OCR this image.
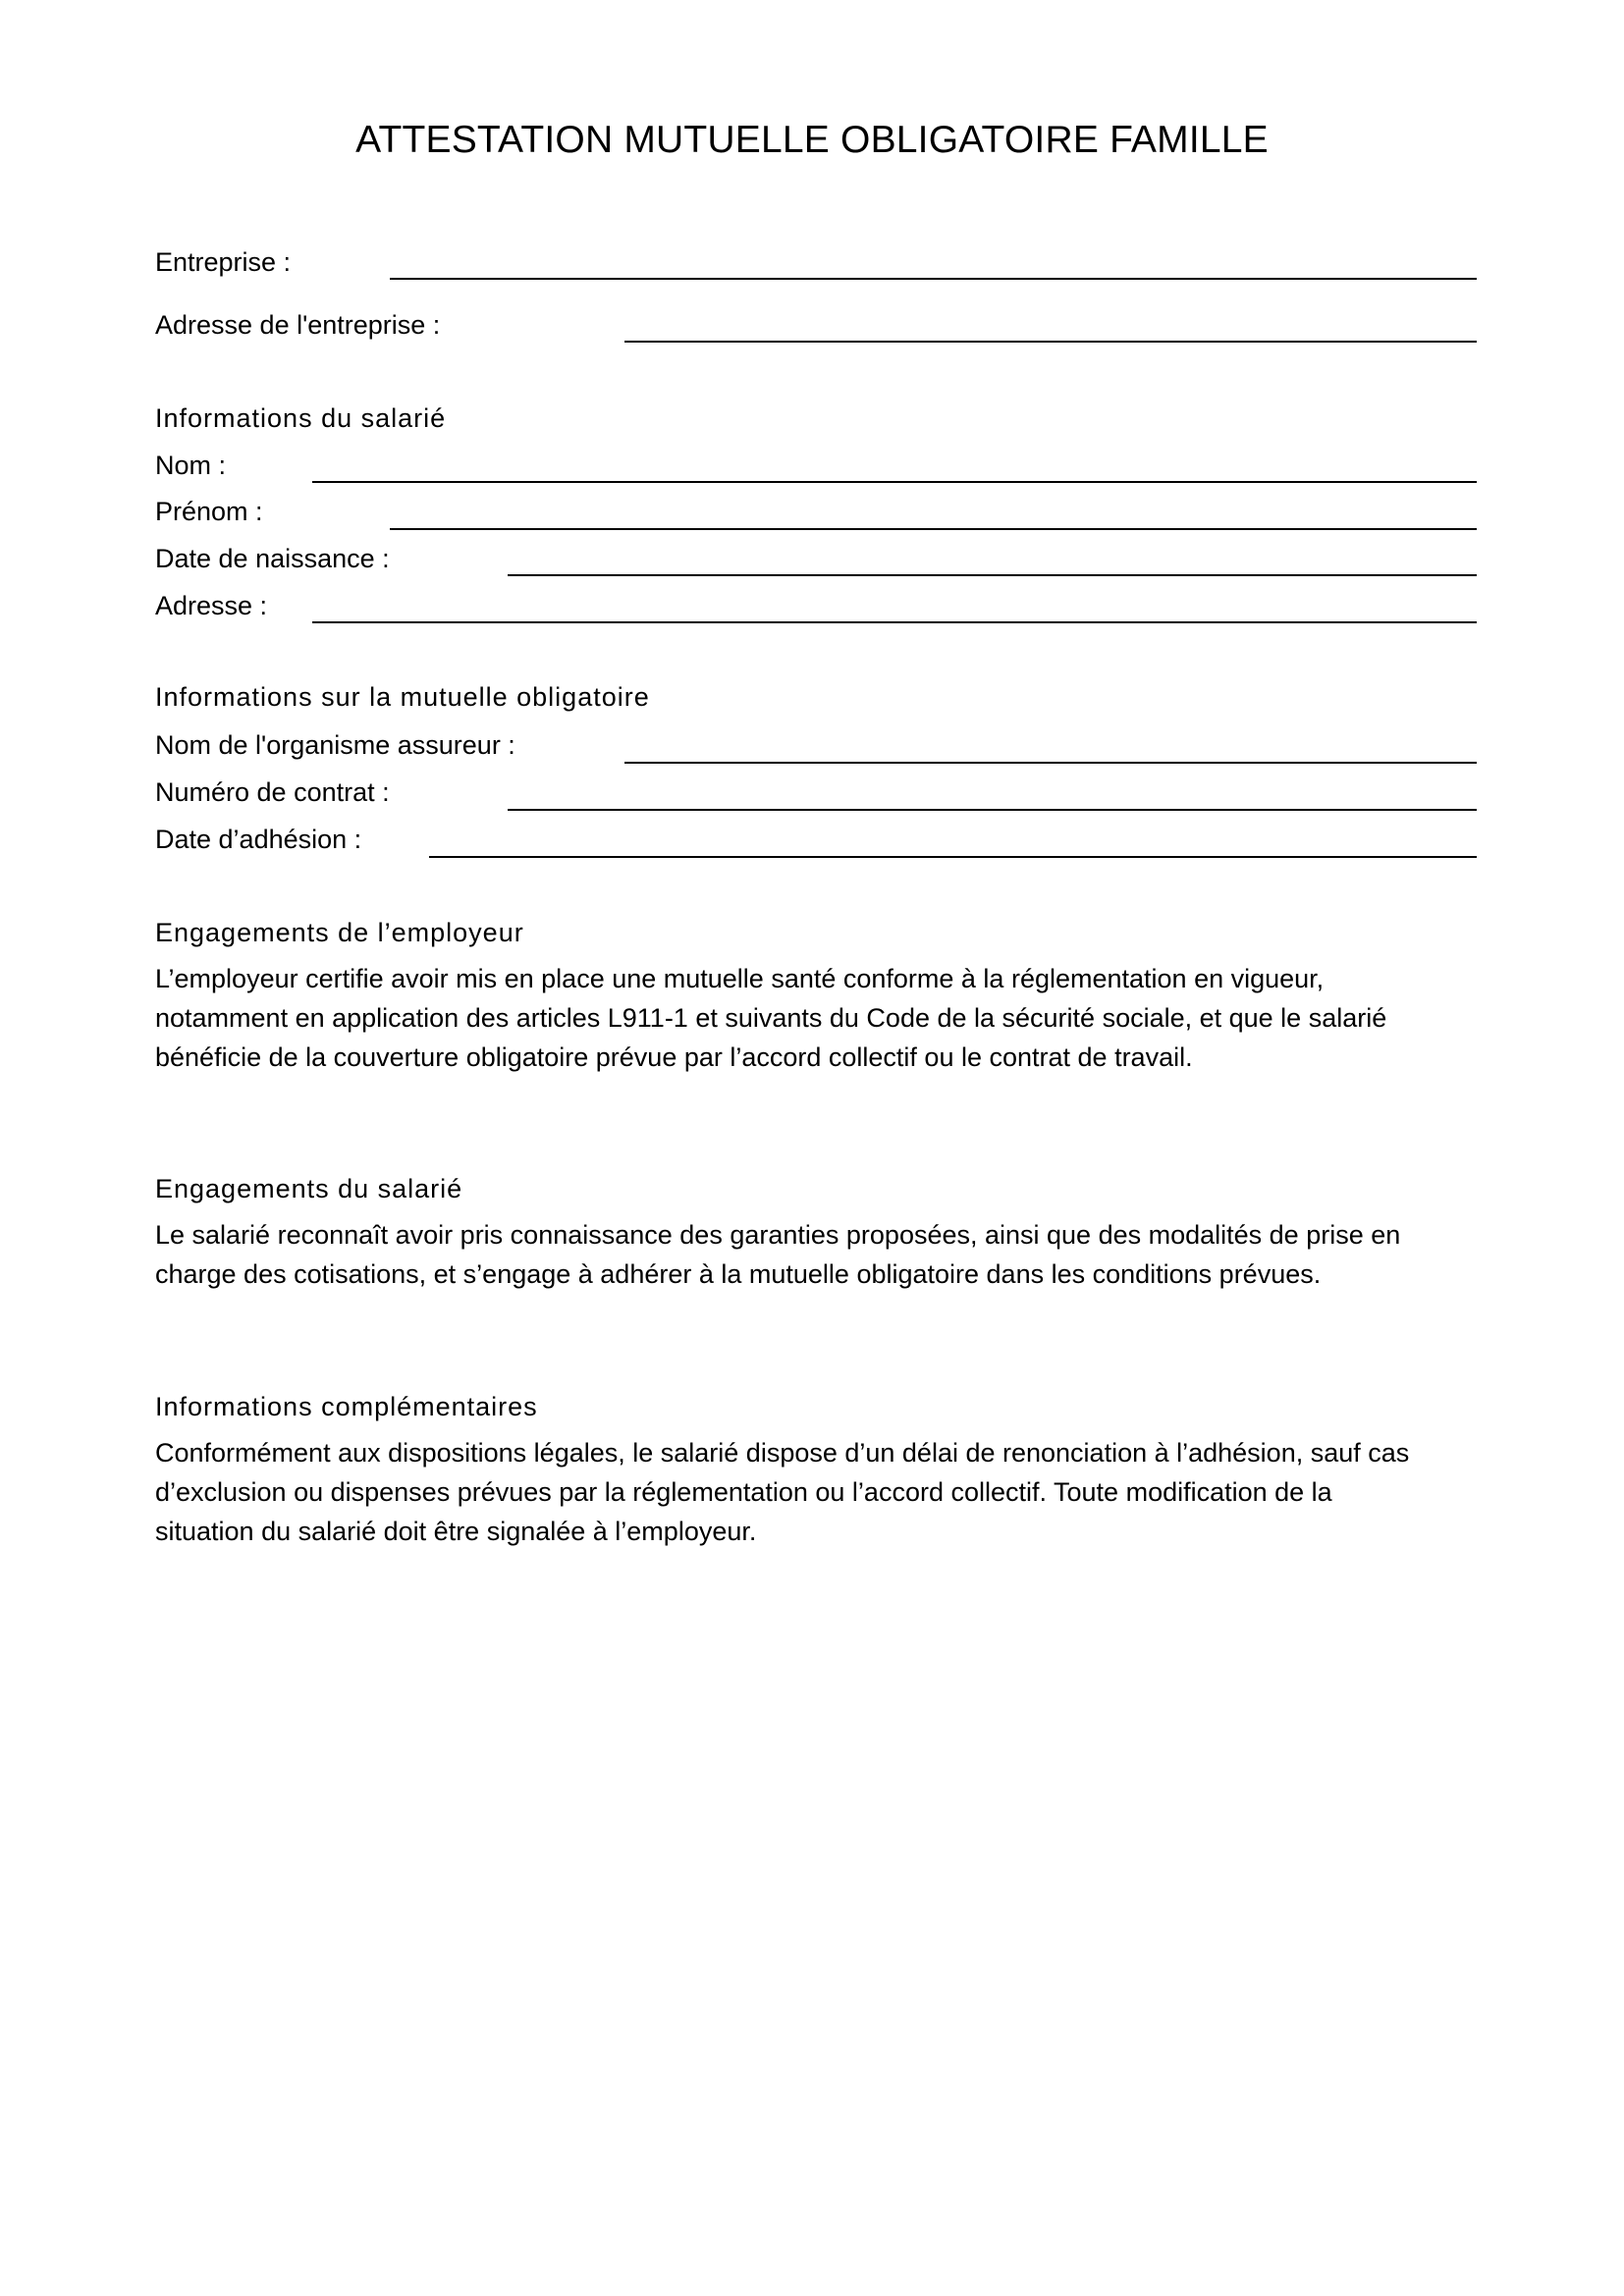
ATTESTATION MUTUELLE OBLIGATOIRE FAMILLE
Entreprise :
Adresse de l'entreprise :
Informations du salarié
Nom :
Prénom :
Date de naissance :
Adresse :
Informations sur la mutuelle obligatoire
Nom de l'organisme assureur :
Numéro de contrat :
Date d’adhésion :
Engagements de l’employeur
L’employeur certifie avoir mis en place une mutuelle santé conforme à la réglementation en vigueur,
notamment en application des articles L911-1 et suivants du Code de la sécurité sociale, et que le salarié
bénéficie de la couverture obligatoire prévue par l’accord collectif ou le contrat de travail.
Engagements du salarié
Le salarié reconnaît avoir pris connaissance des garanties proposées, ainsi que des modalités de prise en
charge des cotisations, et s’engage à adhérer à la mutuelle obligatoire dans les conditions prévues.
Informations complémentaires
Conformément aux dispositions légales, le salarié dispose d’un délai de renonciation à l’adhésion, sauf cas
d’exclusion ou dispenses prévues par la réglementation ou l’accord collectif. Toute modification de la
situation du salarié doit être signalée à l’employeur.
